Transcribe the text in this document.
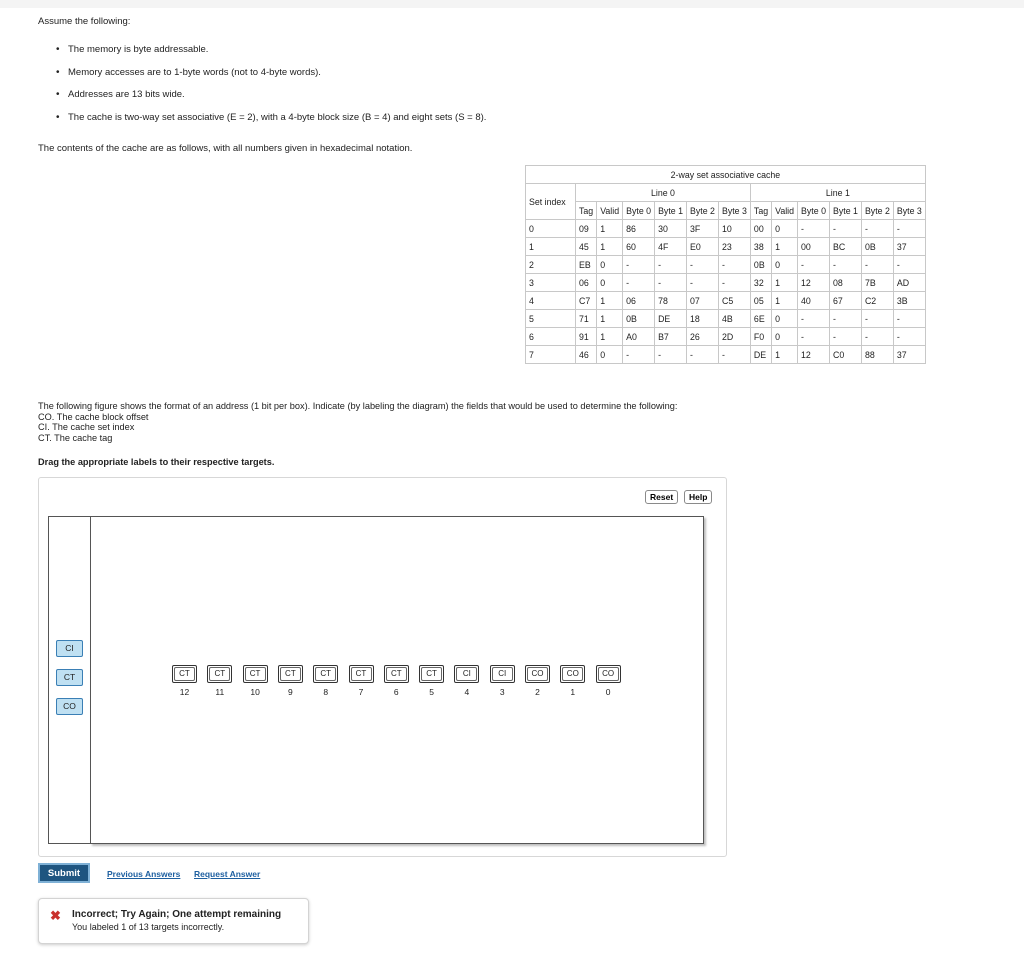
Assume the following:
• The memory is byte addressable.
• Memory accesses are to 1-byte words (not to 4-byte words).
• Addresses are 13 bits wide.
• The cache is two-way set associative (E = 2), with a 4-byte block size (B = 4) and eight sets (S = 8).
The contents of the cache are as follows, with all numbers given in hexadecimal notation.
2-way set associative cache												
Set index	Line 0						Line 1					
	Tag	Valid	Byte 0	Byte 1	Byte 2	Byte 3	Tag	Valid	Byte 0	Byte 1	Byte 2	Byte 3
0	09	1	86	30	3F	10	00	0	-	-	-	-
1	45	1	60	4F	E0	23	38	1	00	BC	0B	37
2	EB	0	-	-	-	-	0B	0	-	-	-	-
3	06	0	-	-	-	-	32	1	12	08	7B	AD
4	C7	1	06	78	07	C5	05	1	40	67	C2	3B
5	71	1	0B	DE	18	4B	6E	0	-	-	-	-
6	91	1	A0	B7	26	2D	F0	0	-	-	-	-
7	46	0	-	-	-	-	DE	1	12	C0	88	37
The following figure shows the format of an address (1 bit per box). Indicate (by labeling the diagram) the fields that would be used to determine the following:
CO. The cache block offset
CI. The cache set index
CT. The cache tag
Drag the appropriate labels to their respective targets.
Reset	Help
CI
CT
CO
CT
12
CT
11
CT
10
CT
9
CT
8
CT
7
CT
6
CT
5
CI
4
CI
3
CO
2
CO
1
CO
0
Submit	Previous Answers Request Answer
✖ Incorrect; Try Again; One attempt remaining
You labeled 1 of 13 targets incorrectly.
